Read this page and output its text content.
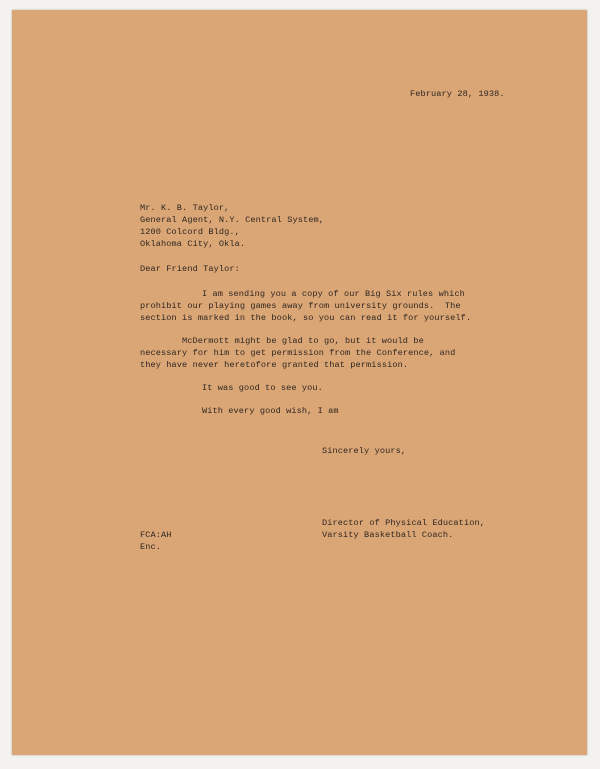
February 28, 1938.
Mr. K. B. Taylor,
General Agent, N.Y. Central System,
1200 Colcord Bldg.,
Oklahoma City, Okla.
Dear Friend Taylor:
I am sending you a copy of our Big Six rules which
prohibit our playing games away from university grounds.  The
section is marked in the book, so you can read it for yourself.
McDermott might be glad to go, but it would be
necessary for him to get permission from the Conference, and
they have never heretofore granted that permission.
It was good to see you.
With every good wish, I am
Sincerely yours,
Director of Physical Education,
Varsity Basketball Coach.
FCA:AH
Enc.
